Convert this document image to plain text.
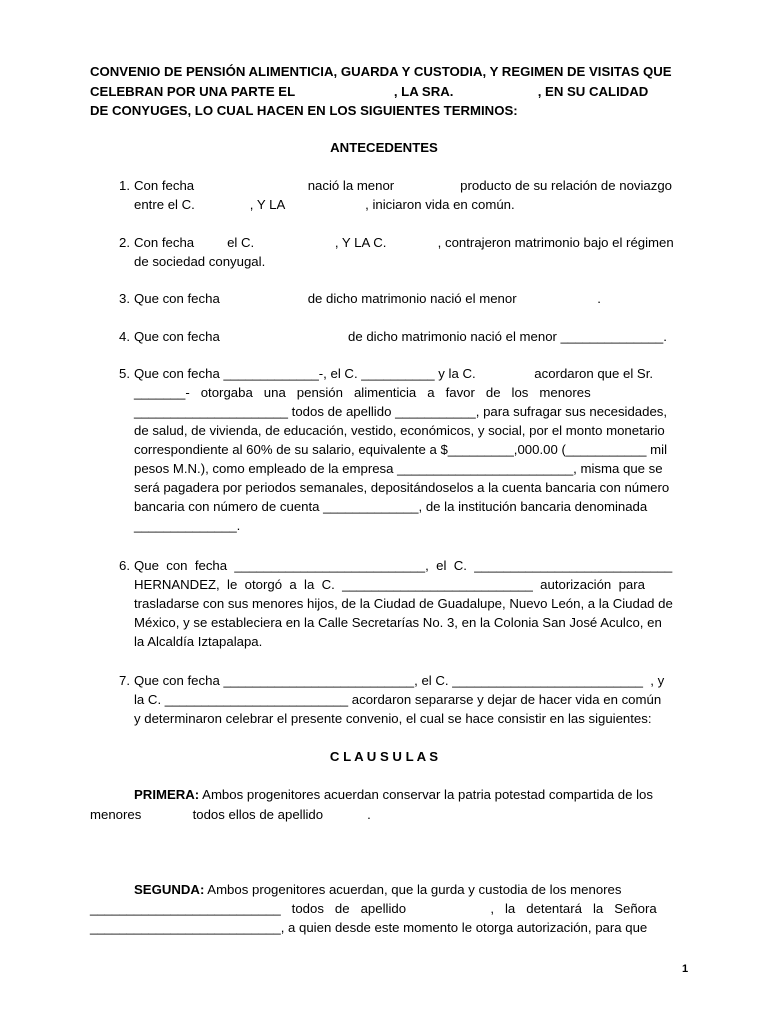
CONVENIO DE PENSIÓN ALIMENTICIA, GUARDA Y CUSTODIA, Y REGIMEN DE VISITAS QUE

CELEBRAN POR UNA PARTE EL                           , LA SRA.                       , EN SU CALIDAD

DE CONYUGES, LO CUAL HACEN EN LOS SIGUIENTES TERMINOS:

ANTECEDENTES

1. Con fecha                               nació la menor                  producto de su relación de noviazgo

entre el C.               , Y LA                      , iniciaron vida en común.

2. Con fecha         el C.                      , Y LA C.              , contrajeron matrimonio bajo el régimen

de sociedad conyugal.

3. Que con fecha                        de dicho matrimonio nació el menor                      .

4. Que con fecha                                   de dicho matrimonio nació el menor ______________.

5. Que con fecha _____________-, el C. __________ y la C.                acordaron que el Sr.

_______-   otorgaba   una   pensión   alimenticia   a   favor   de   los   menores

_____________________ todos de apellido ___________, para sufragar sus necesidades,

de salud, de vivienda, de educación, vestido, económicos, y social, por el monto monetario

correspondiente al 60% de su salario, equivalente a $_________,000.00 (___________ mil

pesos M.N.), como empleado de la empresa ________________________, misma que se

será pagadera por periodos semanales, depositándoselos a la cuenta bancaria con número

bancaria con número de cuenta _____________, de la institución bancaria denominada

______________.

6. Que  con  fecha  __________________________,  el  C.  ___________________________

HERNANDEZ,  le  otorgó  a  la  C.  __________________________  autorización  para

trasladarse con sus menores hijos, de la Ciudad de Guadalupe, Nuevo León, a la Ciudad de

México, y se estableciera en la Calle Secretarías No. 3, en la Colonia San José Aculco, en

la Alcaldía Iztapalapa.

7. Que con fecha __________________________, el C. __________________________  , y

la C. _________________________ acordaron separarse y dejar de hacer vida en común

y determinaron celebrar el presente convenio, el cual se hace consistir en las siguientes:

C L A U S U L A S

PRIMERA: Ambos progenitores acuerdan conservar la patria potestad compartida de los

menores              todos ellos de apellido            .

SEGUNDA: Ambos progenitores acuerdan, que la gurda y custodia de los menores

__________________________   todos   de   apellido                       ,   la   detentará   la   Señora

__________________________, a quien desde este momento le otorga autorización, para que

1
